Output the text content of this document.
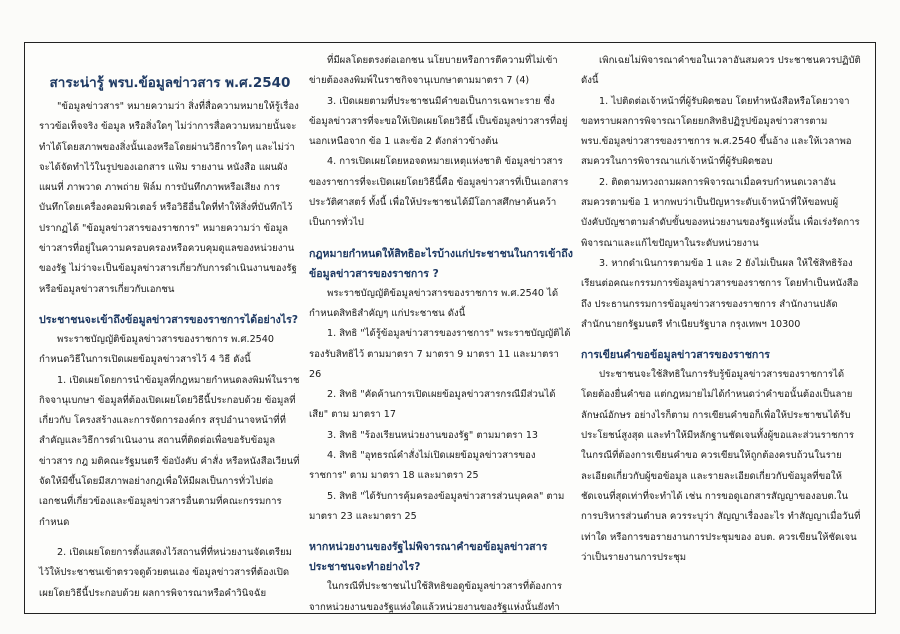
สาระน่ารู้ พรบ.ข้อมูลข่าวสาร พ.ศ.2540

"ข้อมูลข่าวสาร" หมายความว่า สิ่งที่สื่อความหมายให้รู้เรื่องราวข้อเท็จจริง ข้อมูล หรือสิ่งใดๆ ไม่ว่าการสื่อความหมายนั้นจะทำได้โดยสภาพของสิ่งนั้นเองหรือโดยผ่านวิธีการใดๆ และไม่ว่าจะได้จัดทำไว้ในรูปของเอกสาร แฟ้ม รายงาน หนังสือ แผนผัง แผนที่ ภาพวาด ภาพถ่าย ฟิล์ม การบันทึกภาพหรือเสียง การบันทึกโดยเครื่องคอมพิวเตอร์ หรือวิธีอื่นใดที่ทำให้สิ่งที่บันทึกไว้ปรากฏได้ "ข้อมูลข่าวสารของราชการ" หมายความว่า ข้อมูลข่าวสารที่อยู่ในความครอบครองหรือควบคุมดูแลของหน่วยงานของรัฐ ไม่ว่าจะเป็นข้อมูลข่าวสารเกี่ยวกับการดำเนินงานของรัฐหรือข้อมูลข่าวสารเกี่ยวกับเอกชน

ประชาชนจะเข้าถึงข้อมูลข่าวสารของราชการได้อย่างไร?

พระราชบัญญัติข้อมูลข่าวสารของราชการ พ.ศ.2540 กำหนดวิธีในการเปิดเผยข้อมูลข่าวสารไว้ 4 วิธี ดังนี้

1. เปิดเผยโดยการนำข้อมูลที่กฎหมายกำหนดลงพิมพ์ในราชกิจจานุเบกษา ข้อมูลที่ต้องเปิดเผยโดยวิธีนี้ประกอบด้วย ข้อมูลที่เกี่ยวกับ โครงสร้างและการจัดการองค์กร สรุปอำนาจหน้าที่ที่สำคัญและวิธีการดำเนินงาน สถานที่ติดต่อเพื่อขอรับข้อมูลข่าวสาร กฎ มติคณะรัฐมนตรี ข้อบังคับ คำสั่ง หรือหนังสือเวียนที่จัดให้มีขึ้นโดยมีสภาพอย่างกฎเพื่อให้มีผลเป็นการทั่วไปต่อเอกชนที่เกี่ยวข้องและข้อมูลข่าวสารอื่นตามที่คณะกรรมการกำหนด

2. เปิดเผยโดยการตั้งแสดงไว้สถานที่ที่หน่วยงานจัดเตรียมไว้ให้ประชาชนเข้าตรวจดูด้วยตนเอง ข้อมูลข่าวสารที่ต้องเปิดเผยโดยวิธีนี้ประกอบด้วย ผลการพิจารณาหรือคำวินิจฉัย

ที่มีผลโดยตรงต่อเอกชน นโยบายหรือการตีความที่ไม่เข้าข่ายต้องลงพิมพ์ในราชกิจจานุเบกษาตามมาตรา 7 (4)

3. เปิดเผยตามที่ประชาชนมีคำขอเป็นการเฉพาะราย ซึ่งข้อมูลข่าวสารที่จะขอให้เปิดเผยโดยวิธีนี้ เป็นข้อมูลข่าวสารที่อยู่นอกเหนือจาก ข้อ 1 และข้อ 2 ดังกล่าวข้างต้น

4. การเปิดเผยโดยหอจดหมายเหตุแห่งชาติ ข้อมูลข่าวสารของราชการที่จะเปิดเผยโดยวิธีนี้คือ ข้อมูลข่าวสารที่เป็นเอกสารประวัติศาสตร์ ทั้งนี้ เพื่อให้ประชาชนได้มีโอกาสศึกษาค้นคว้าเป็นการทั่วไป

กฎหมายกำหนดให้สิทธิอะไรบ้างแก่ประชาชนในการเข้าถึงข้อมูลข่าวสารของราชการ ?

พระราชบัญญัติข้อมูลข่าวสารของราชการ พ.ศ.2540 ได้กำหนดสิทธิสำคัญๆ แก่ประชาชน ดังนี้

1. สิทธิ "ได้รู้ข้อมูลข่าวสารของราชการ" พระราชบัญญัติได้รองรับสิทธิไว้ ตามมาตรา 7 มาตรา 9 มาตรา 11 และมาตรา 26

2. สิทธิ "คัดค้านการเปิดเผยข้อมูลข่าวสารกรณีมีส่วนได้เสีย" ตาม มาตรา 17

3. สิทธิ "ร้องเรียนหน่วยงานของรัฐ" ตามมาตรา 13

4. สิทธิ "อุทธรณ์คำสั่งไม่เปิดเผยข้อมูลข่าวสารของราชการ" ตาม มาตรา 18 และมาตรา 25

5. สิทธิ "ได้รับการคุ้มครองข้อมูลข่าวสารส่วนบุคคล" ตาม มาตรา 23 และมาตรา 25

หากหน่วยงานของรัฐไม่พิจารณาคำขอข้อมูลข่าวสาร ประชาชนจะทำอย่างไร?

ในกรณีที่ประชาชนไปใช้สิทธิขอดูข้อมูลข่าวสารที่ต้องการจากหน่วยงานของรัฐแห่งใดแล้วหน่วยงานของรัฐแห่งนั้นยังทำ

เพิกเฉยไม่พิจารณาคำขอในเวลาอันสมควร ประชาชนควรปฏิบัติ ดังนี้

1. ไปติดต่อเจ้าหน้าที่ผู้รับผิดชอบ โดยทำหนังสือหรือโดยวาจา ขอทราบผลการพิจารณาโดยยกสิทธิปฏิรูปข้อมูลข่าวสารตาม พรบ.ข้อมูลข่าวสารของราชการ พ.ศ.2540 ขึ้นอ้าง และให้เวลาพอสมควรในการพิจารณาแก่เจ้าหน้าที่ผู้รับผิดชอบ

2. ติดตามทวงถามผลการพิจารณาเมื่อครบกำหนดเวลาอันสมควรตามข้อ 1 หากพบว่าเป็นปัญหาระดับเจ้าหน้าที่ให้ขอพบผู้บังคับบัญชาตามลำดับขั้นของหน่วยงานของรัฐแห่งนั้น เพื่อเร่งรัดการพิจารณาและแก้ไขปัญหาในระดับหน่วยงาน

3. หากดำเนินการตามข้อ 1 และ 2 ยังไม่เป็นผล ให้ใช้สิทธิร้องเรียนต่อคณะกรรมการข้อมูลข่าวสารของราชการ โดยทำเป็นหนังสือถึง ประธานกรรมการข้อมูลข่าวสารของราชการ สำนักงานปลัดสำนักนายกรัฐมนตรี ทำเนียบรัฐบาล กรุงเทพฯ 10300

การเขียนคำขอข้อมูลข่าวสารของราชการ

ประชาชนจะใช้สิทธิในการรับรู้ข้อมูลข่าวสารของราชการได้โดยต้องยื่นคำขอ แต่กฎหมายไม่ได้กำหนดว่าคำขอนั้นต้องเป็นลายลักษณ์อักษร อย่างไรก็ตาม การเขียนคำขอก็เพื่อให้ประชาชนได้รับประโยชน์สูงสุด และทำให้มีหลักฐานชัดเจนทั้งผู้ขอและส่วนราชการ ในกรณีที่ต้องการเขียนคำขอ ควรเขียนให้ถูกต้องครบถ้วนในรายละเอียดเกี่ยวกับผู้ขอข้อมูล และรายละเอียดเกี่ยวกับข้อมูลที่ขอให้ชัดเจนที่สุดเท่าที่จะทำได้ เช่น การขอดูเอกสารสัญญาของอบต.ในการบริหารส่วนตำบล ควรระบุว่า สัญญาเรื่องอะไร ทำสัญญาเมื่อวันที่เท่าใด หรือการขอรายงานการประชุมของ อบต. ควรเขียนให้ชัดเจนว่าเป็นรายงานการประชุม
